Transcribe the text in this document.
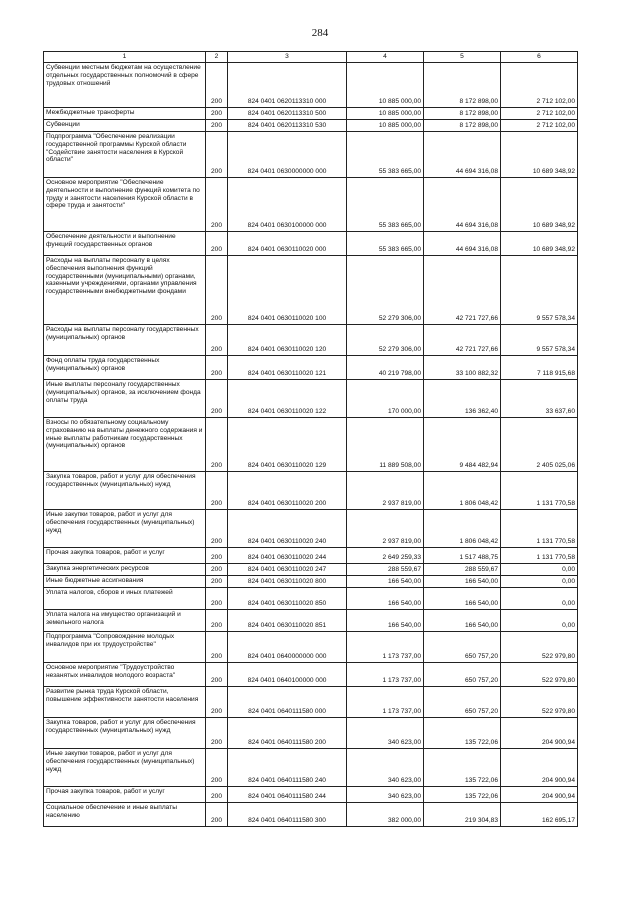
284
1	2	3	4	5	6
Субвенции местным бюджетам на осуществление отдельных государственных полномочий в сфере трудовых отношений	200	824 0401 0620113310 000	10 885 000,00	8 172 898,00	2 712 102,00
Межбюджетные трансферты	200	824 0401 0620113310 500	10 885 000,00	8 172 898,00	2 712 102,00
Субвенции	200	824 0401 0620113310 530	10 885 000,00	8 172 898,00	2 712 102,00
Подпрограмма "Обеспечение реализации государственной программы Курской области "Содействие занятости населения в Курской области"	200	824 0401 0630000000 000	55 383 665,00	44 694 316,08	10 689 348,92
Основное мероприятие "Обеспечение деятельности и выполнение функций комитета по труду и занятости населения Курской области в сфере труда и занятости"	200	824 0401 0630100000 000	55 383 665,00	44 694 316,08	10 689 348,92
Обеспечение деятельности и выполнение функций государственных органов	200	824 0401 0630110020 000	55 383 665,00	44 694 316,08	10 689 348,92
Расходы на выплаты персоналу в целях обеспечения выполнения функций государственными (муниципальными) органами, казенными учреждениями, органами управления государственными внебюджетными фондами	200	824 0401 0630110020 100	52 279 306,00	42 721 727,66	9 557 578,34
Расходы на выплаты персоналу государственных (муниципальных) органов	200	824 0401 0630110020 120	52 279 306,00	42 721 727,66	9 557 578,34
Фонд оплаты труда государственных (муниципальных) органов	200	824 0401 0630110020 121	40 219 798,00	33 100 882,32	7 118 915,68
Иные выплаты персоналу государственных (муниципальных) органов, за исключением фонда оплаты труда	200	824 0401 0630110020 122	170 000,00	136 362,40	33 637,60
Взносы по обязательному социальному страхованию на выплаты денежного содержания и иные выплаты работникам государственных (муниципальных) органов	200	824 0401 0630110020 129	11 889 508,00	9 484 482,94	2 405 025,06
Закупка товаров, работ и услуг для обеспечения государственных (муниципальных) нужд	200	824 0401 0630110020 200	2 937 819,00	1 806 048,42	1 131 770,58
Иные закупки товаров, работ и услуг для обеспечения государственных (муниципальных) нужд	200	824 0401 0630110020 240	2 937 819,00	1 806 048,42	1 131 770,58
Прочая закупка товаров, работ и услуг	200	824 0401 0630110020 244	2 649 259,33	1 517 488,75	1 131 770,58
Закупка энергетических ресурсов	200	824 0401 0630110020 247	288 559,67	288 559,67	0,00
Иные бюджетные ассигнования	200	824 0401 0630110020 800	166 540,00	166 540,00	0,00
Уплата налогов, сборов и иных платежей	200	824 0401 0630110020 850	166 540,00	166 540,00	0,00
Уплата налога на имущество организаций и земельного налога	200	824 0401 0630110020 851	166 540,00	166 540,00	0,00
Подпрограмма "Сопровождение молодых инвалидов при их трудоустройстве"	200	824 0401 0640000000 000	1 173 737,00	650 757,20	522 979,80
Основное мероприятие "Трудоустройство незанятых инвалидов молодого возраста"	200	824 0401 0640100000 000	1 173 737,00	650 757,20	522 979,80
Развитие рынка труда Курской области, повышение эффективности занятости населения	200	824 0401 0640111580 000	1 173 737,00	650 757,20	522 979,80
Закупка товаров, работ и услуг для обеспечения государственных (муниципальных) нужд	200	824 0401 0640111580 200	340 623,00	135 722,06	204 900,94
Иные закупки товаров, работ и услуг для обеспечения государственных (муниципальных) нужд	200	824 0401 0640111580 240	340 623,00	135 722,06	204 900,94
Прочая закупка товаров, работ и услуг	200	824 0401 0640111580 244	340 623,00	135 722,06	204 900,94
Социальное обеспечение и иные выплаты населению	200	824 0401 0640111580 300	382 000,00	219 304,83	162 695,17
